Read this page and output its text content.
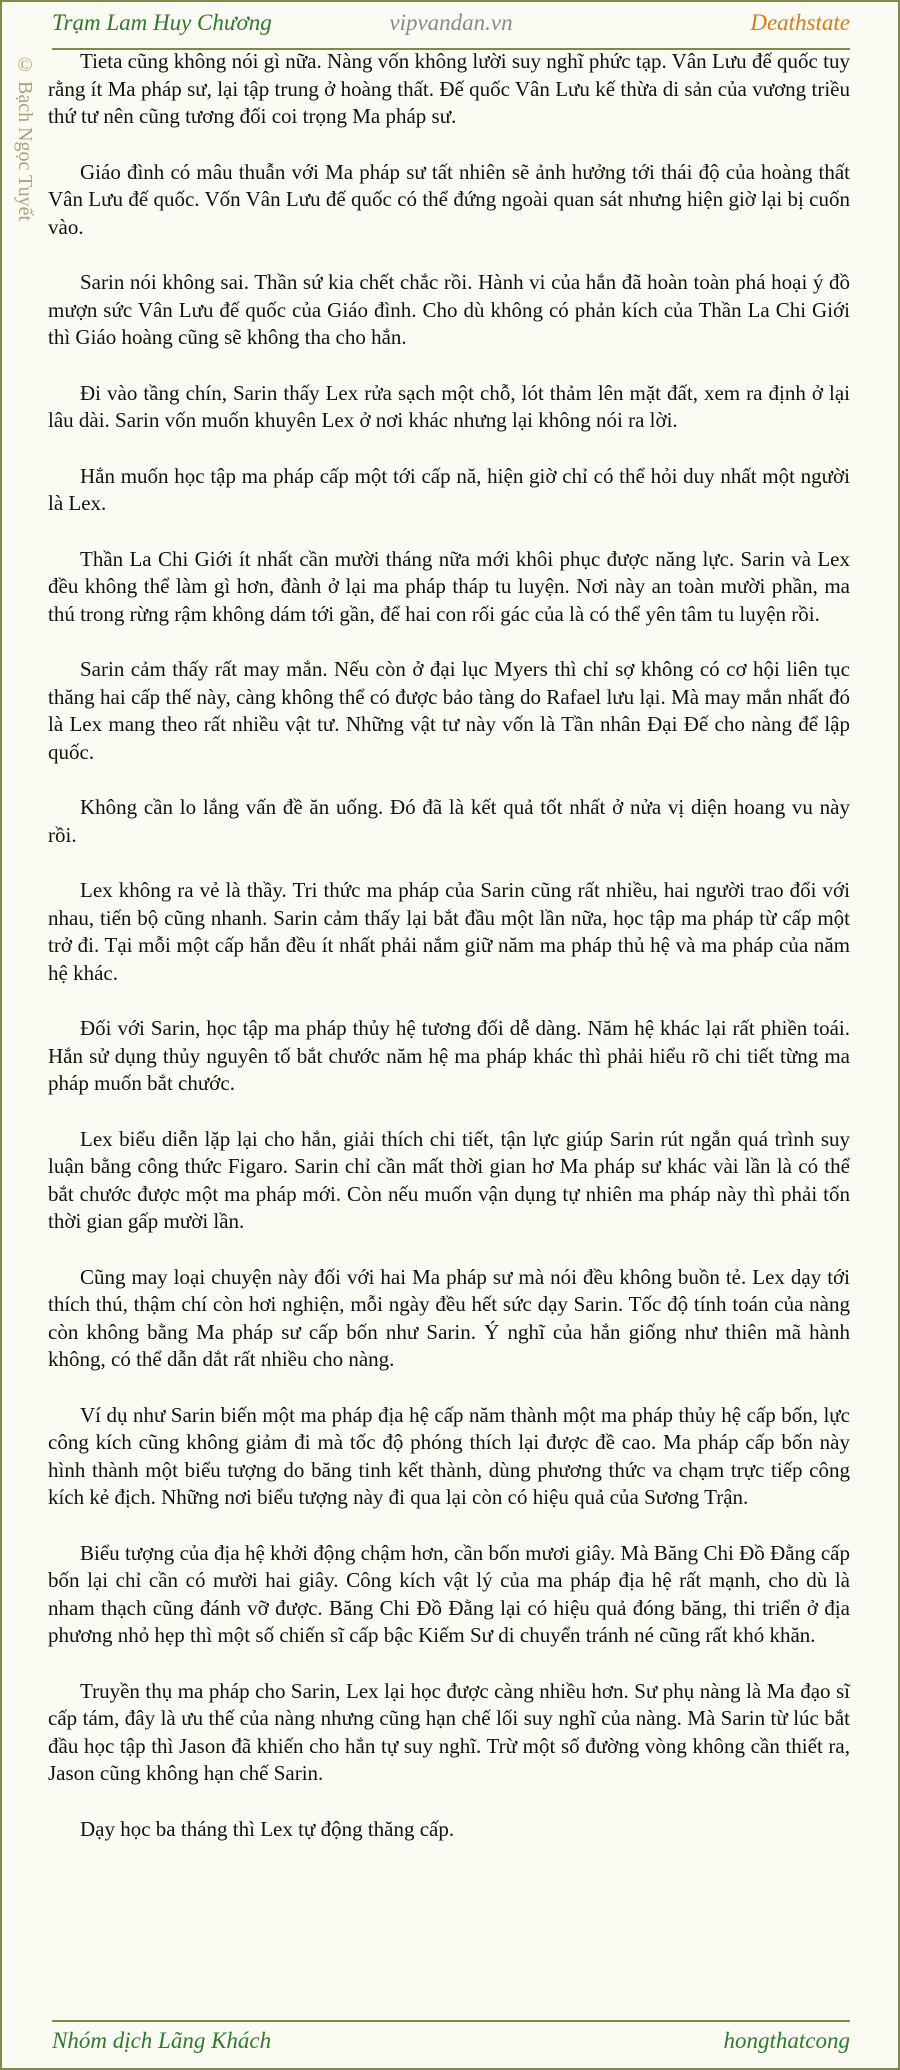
Trạm Lam Huy Chương	vipvandan.vn	Deathstate
© Bạch Ngọc Tuyết	Tieta cũng không nói gì nữa. Nàng vốn không lười suy nghĩ phức tạp. Vân Lưu đế quốc tuy rằng ít Ma pháp sư, lại tập trung ở hoàng thất. Đế quốc Vân Lưu kế thừa di sản của vương triều thứ tư nên cũng tương đối coi trọng Ma pháp sư.

Giáo đình có mâu thuẫn với Ma pháp sư tất nhiên sẽ ảnh hưởng tới thái độ của hoàng thất Vân Lưu đế quốc. Vốn Vân Lưu đế quốc có thể đứng ngoài quan sát nhưng hiện giờ lại bị cuốn vào.

Sarin nói không sai. Thần sứ kia chết chắc rồi. Hành vi của hắn đã hoàn toàn phá hoại ý đồ mượn sức Vân Lưu đế quốc của Giáo đình. Cho dù không có phản kích của Thần La Chi Giới thì Giáo hoàng cũng sẽ không tha cho hắn.

Đi vào tầng chín, Sarin thấy Lex rửa sạch một chỗ, lót thảm lên mặt đất, xem ra định ở lại lâu dài. Sarin vốn muốn khuyên Lex ở nơi khác nhưng lại không nói ra lời.

Hắn muốn học tập ma pháp cấp một tới cấp nă, hiện giờ chỉ có thể hỏi duy nhất một người là Lex.

Thần La Chi Giới ít nhất cần mười tháng nữa mới khôi phục được năng lực. Sarin và Lex đều không thể làm gì hơn, đành ở lại ma pháp tháp tu luyện. Nơi này an toàn mười phần, ma thú trong rừng rậm không dám tới gần, để hai con rối gác của là có thể yên tâm tu luyện rồi.

Sarin cảm thấy rất may mắn. Nếu còn ở đại lục Myers thì chỉ sợ không có cơ hội liên tục thăng hai cấp thế này, càng không thể có được bảo tàng do Rafael lưu lại. Mà may mắn nhất đó là Lex mang theo rất nhiều vật tư. Những vật tư này vốn là Tần nhân Đại Đế cho nàng để lập quốc.

Không cần lo lắng vấn đề ăn uống. Đó đã là kết quả tốt nhất ở nửa vị diện hoang vu này rồi.

Lex không ra vẻ là thầy. Tri thức ma pháp của Sarin cũng rất nhiều, hai người trao đổi với nhau, tiến bộ cũng nhanh. Sarin cảm thấy lại bắt đầu một lần nữa, học tập ma pháp từ cấp một trở đi. Tại mỗi một cấp hắn đều ít nhất phải nắm giữ năm ma pháp thủ hệ và ma pháp của năm hệ khác.

Đối với Sarin, học tập ma pháp thủy hệ tương đối dễ dàng. Năm hệ khác lại rất phiền toái. Hắn sử dụng thủy nguyên tố bắt chước năm hệ ma pháp khác thì phải hiểu rõ chi tiết từng ma pháp muốn bắt chước.

Lex biểu diễn lặp lại cho hắn, giải thích chi tiết, tận lực giúp Sarin rút ngắn quá trình suy luận bằng công thức Figaro. Sarin chỉ cần mất thời gian hơ Ma pháp sư khác vài lần là có thể bắt chước được một ma pháp mới. Còn nếu muốn vận dụng tự nhiên ma pháp này thì phải tốn thời gian gấp mười lần.

Cũng may loại chuyện này đối với hai Ma pháp sư mà nói đều không buồn tẻ. Lex dạy tới thích thú, thậm chí còn hơi nghiện, mỗi ngày đều hết sức dạy Sarin. Tốc độ tính toán của nàng còn không bằng Ma pháp sư cấp bốn như Sarin. Ý nghĩ của hắn giống như thiên mã hành không, có thể dẫn dắt rất nhiều cho nàng.

Ví dụ như Sarin biến một ma pháp địa hệ cấp năm thành một ma pháp thủy hệ cấp bốn, lực công kích cũng không giảm đi mà tốc độ phóng thích lại được đề cao. Ma pháp cấp bốn này hình thành một biểu tượng do băng tinh kết thành, dùng phương thức va chạm trực tiếp công kích kẻ địch. Những nơi biểu tượng này đi qua lại còn có hiệu quả của Sương Trận.

Biểu tượng của địa hệ khởi động chậm hơn, cần bốn mươi giây. Mà Băng Chi Đồ Đằng cấp bốn lại chỉ cần có mười hai giây. Công kích vật lý của ma pháp địa hệ rất mạnh, cho dù là nham thạch cũng đánh vỡ được. Băng Chi Đồ Đằng lại có hiệu quả đóng băng, thi triển ở địa phương nhỏ hẹp thì một số chiến sĩ cấp bậc Kiếm Sư di chuyển tránh né cũng rất khó khăn.

Truyền thụ ma pháp cho Sarin, Lex lại học được càng nhiều hơn. Sư phụ nàng là Ma đạo sĩ cấp tám, đây là ưu thế của nàng nhưng cũng hạn chế lối suy nghĩ của nàng. Mà Sarin từ lúc bắt đầu học tập thì Jason đã khiến cho hắn tự suy nghĩ. Trừ một số đường vòng không cần thiết ra, Jason cũng không hạn chế Sarin.

Dạy học ba tháng thì Lex tự động thăng cấp.

Nhóm dịch Lãng Khách	hongthatcong
